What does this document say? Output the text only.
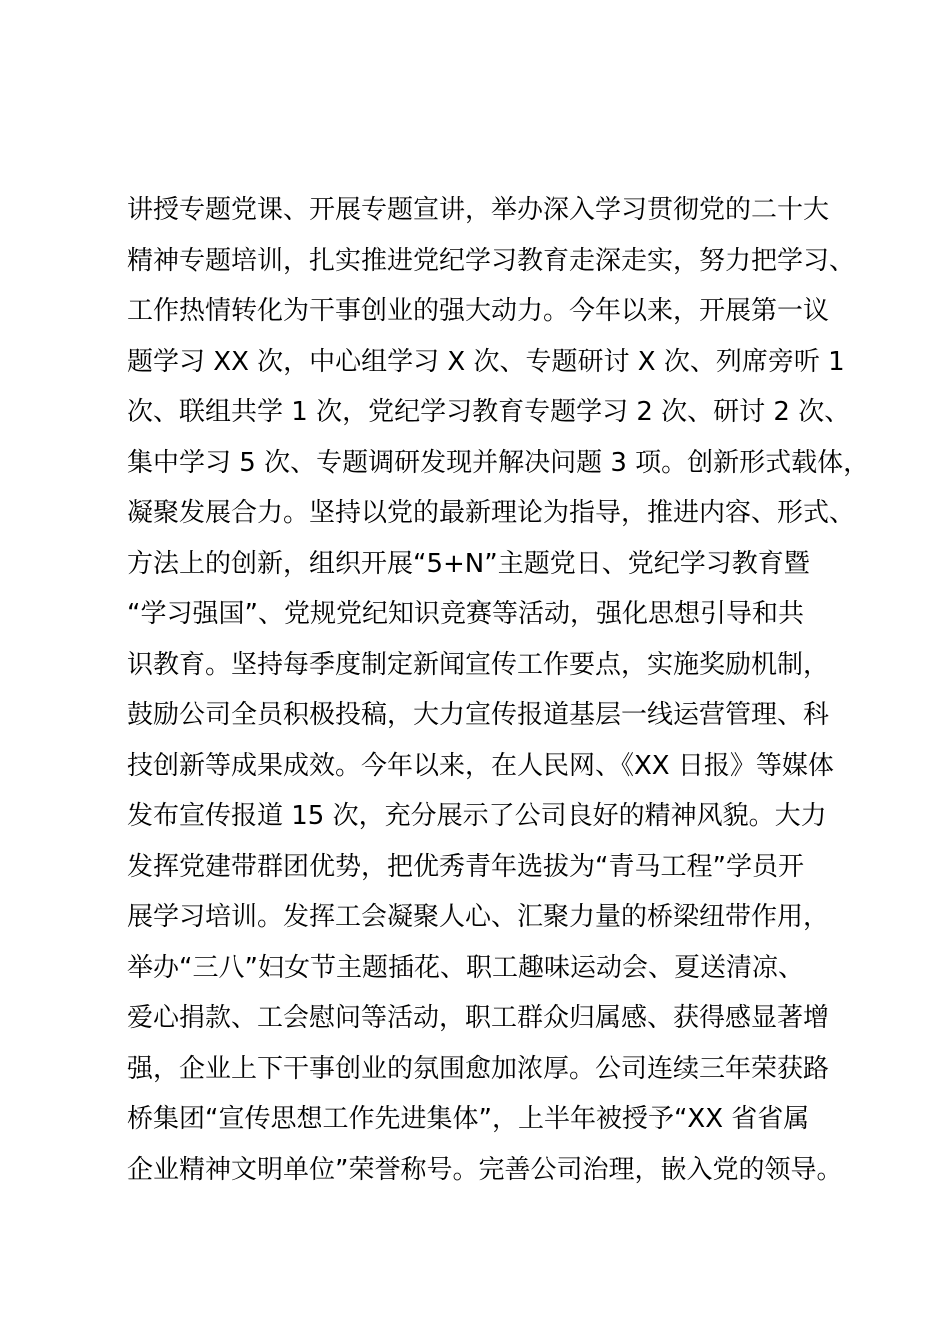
讲授专题党课、开展专题宣讲，举办深入学习贯彻党的二十大
精神专题培训，扎实推进党纪学习教育走深走实，努力把学习、
工作热情转化为干事创业的强大动力。今年以来，开展第一议
题学习 XX 次，中心组学习 X 次、专题研讨 X 次、列席旁听 1
次、联组共学 1 次，党纪学习教育专题学习 2 次、研讨 2 次、
集中学习 5 次、专题调研发现并解决问题 3 项。创新形式载体，
凝聚发展合力。坚持以党的最新理论为指导，推进内容、形式、
方法上的创新，组织开展“5+N”主题党日、党纪学习教育暨
“学习强国”、党规党纪知识竞赛等活动，强化思想引导和共
识教育。坚持每季度制定新闻宣传工作要点，实施奖励机制，
鼓励公司全员积极投稿，大力宣传报道基层一线运营管理、科
技创新等成果成效。今年以来，在人民网、《XX 日报》等媒体
发布宣传报道 15 次，充分展示了公司良好的精神风貌。大力
发挥党建带群团优势，把优秀青年选拔为“青马工程”学员开
展学习培训。发挥工会凝聚人心、汇聚力量的桥梁纽带作用，
举办“三八”妇女节主题插花、职工趣味运动会、夏送清凉、
爱心捐款、工会慰问等活动，职工群众归属感、获得感显著增
强，企业上下干事创业的氛围愈加浓厚。公司连续三年荣获路
桥集团“宣传思想工作先进集体”，上半年被授予“XX 省省属
企业精神文明单位”荣誉称号。完善公司治理，嵌入党的领导。
